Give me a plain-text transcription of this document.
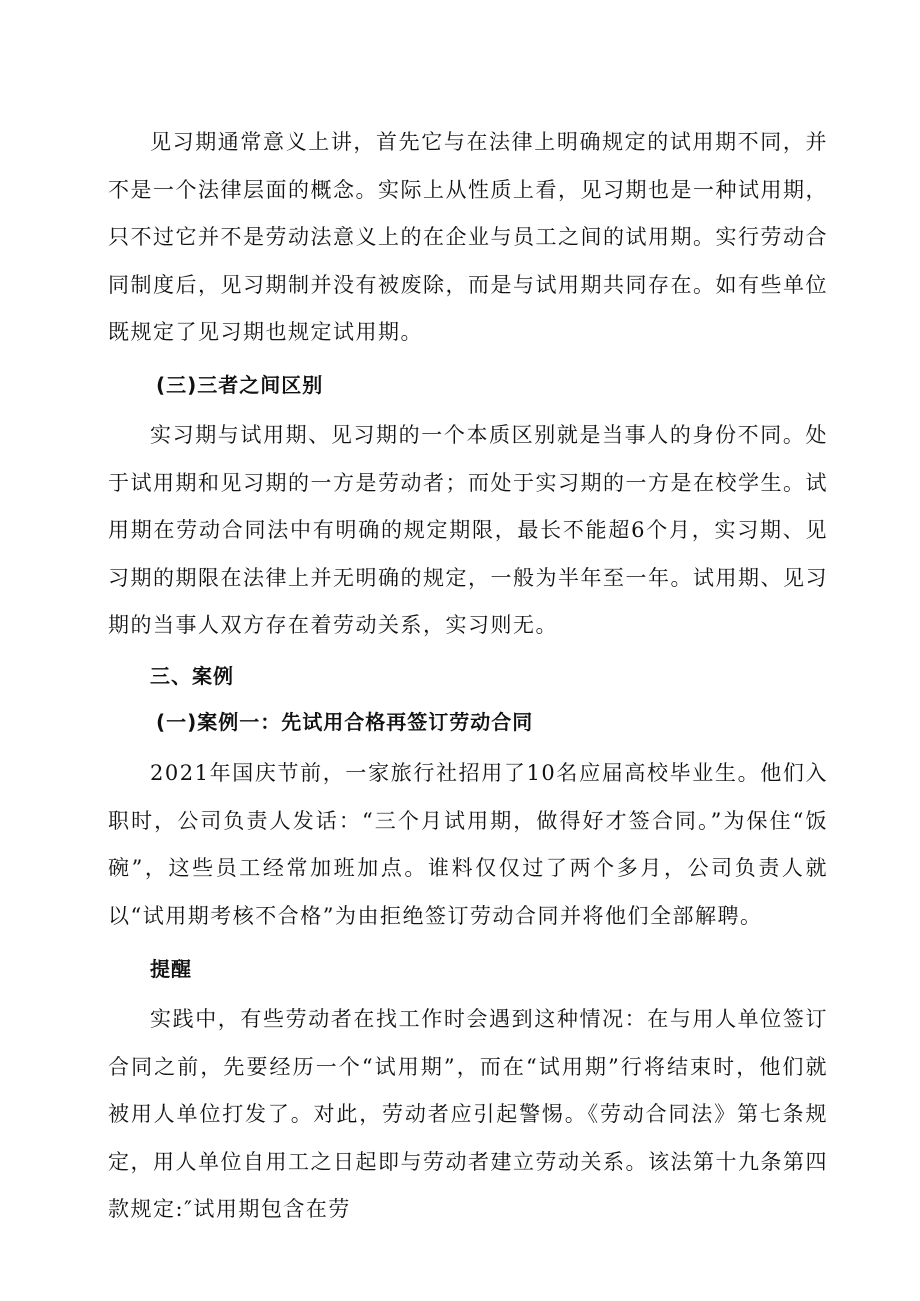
见习期通常意义上讲，首先它与在法律上明确规定的试用期不同，并不是一个法律层面的概念。实际上从性质上看，见习期也是一种试用期，只不过它并不是劳动法意义上的在企业与员工之间的试用期。实行劳动合同制度后，见习期制并没有被废除，而是与试用期共同存在。如有些单位既规定了见习期也规定试用期。

(三)三者之间区别

实习期与试用期、见习期的一个本质区别就是当事人的身份不同。处于试用期和见习期的一方是劳动者；而处于实习期的一方是在校学生。试用期在劳动合同法中有明确的规定期限，最长不能超6个月，实习期、见习期的期限在法律上并无明确的规定，一般为半年至一年。试用期、见习期的当事人双方存在着劳动关系，实习则无。

三、案例
(一)案例一：先试用合格再签订劳动合同

2021年国庆节前，一家旅行社招用了10名应届高校毕业生。他们入职时，公司负责人发话：“三个月试用期，做得好才签合同。”为保住“饭碗”，这些员工经常加班加点。谁料仅仅过了两个多月，公司负责人就以“试用期考核不合格”为由拒绝签订劳动合同并将他们全部解聘。

提醒

实践中，有些劳动者在找工作时会遇到这种情况：在与用人单位签订合同之前，先要经历一个“试用期”，而在“试用期”行将结束时，他们就被用人单位打发了。对此，劳动者应引起警惕。《劳动合同法》第七条规定，用人单位自用工之日起即与劳动者建立劳动关系。该法第十九条第四款规定:″试用期包含在劳
